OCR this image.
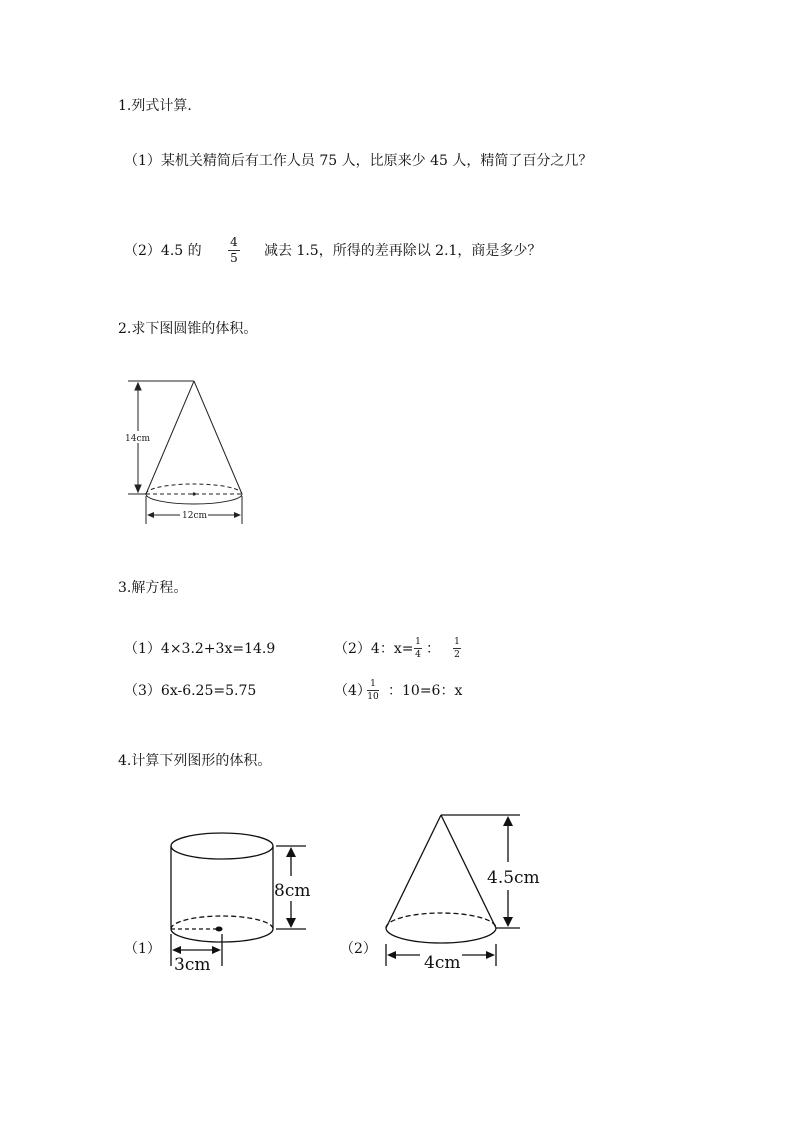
1.列式计算.
（1）某机关精简后有工作人员 75 人，比原来少 45 人，精简了百分之几？
（2）4.5 的
4
5 减去 1.5，所得的差再除以 2.1，商是多少？
2.求下图圆锥的体积。
14cm
12cm
3.解方程。
（1）4×3.2+3x=14.9	（2）4：x= 1
4 ： 1
2
（3）6x-6.25=5.75	（4） 1
10 ：10=6：x
4.计算下列图形的体积。
（1）	（2）
8cm
3cm
4.5cm
4cm
